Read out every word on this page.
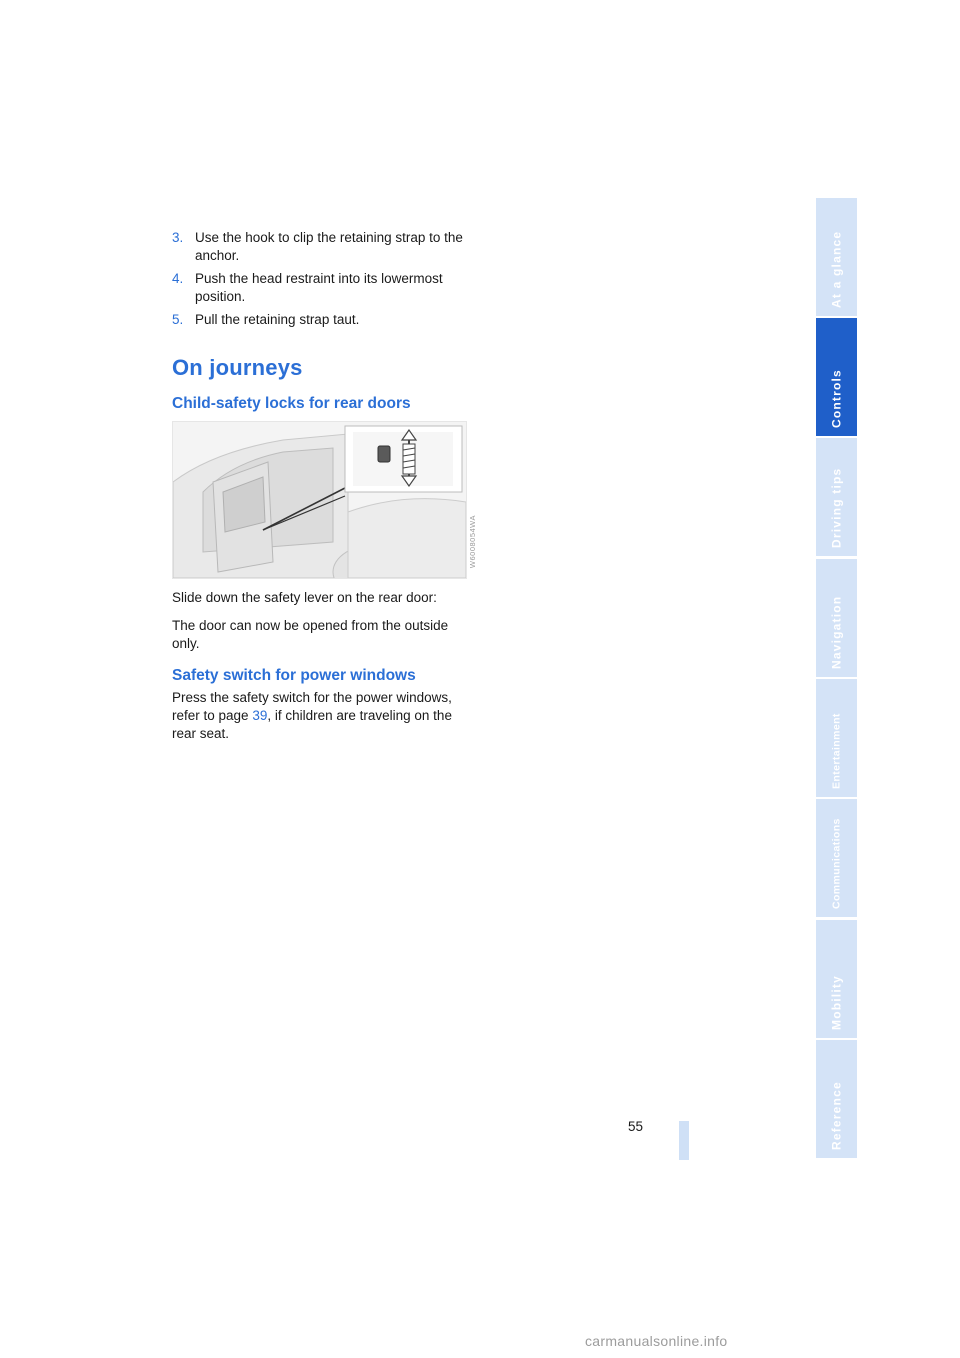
3. Use the hook to clip the retaining strap to the anchor.
4. Push the head restraint into its lowermost position.
5. Pull the retaining strap taut.
On journeys
Child-safety locks for rear doors
W6008054WA

Slide down the safety lever on the rear door:

The door can now be opened from the outside only.

Safety switch for power windows

Press the safety switch for the power windows, refer to page 39, if children are traveling on the rear seat.

55
At a glance
Controls
Driving tips
Navigation
Entertainment
Communications
Mobility
Reference
carmanualsonline.info
